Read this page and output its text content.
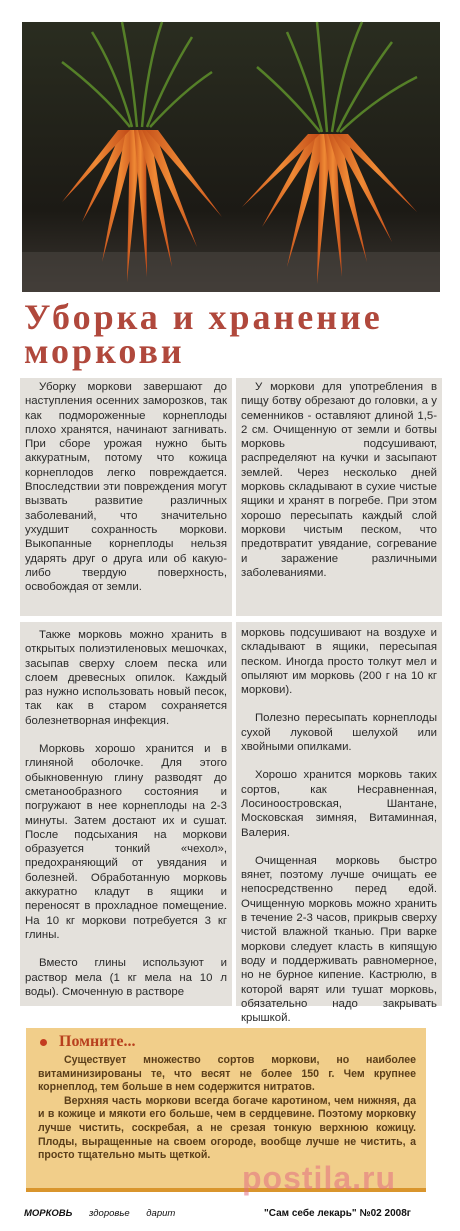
Уборка и хранение моркови

Уборку моркови завершают до наступления осенних заморозков, так как подмороженные корнеплоды плохо хранятся, начинают загнивать. При сборе урожая нужно быть аккуратным, потому что кожица корнеплодов легко повреждается. Впоследствии эти повреждения могут вызвать развитие различных заболеваний, что значительно ухудшит сохранность моркови. Выкопанные корнеплоды нельзя ударять друг о друга или об какую-либо твердую поверхность, освобождая от земли.

У моркови для употребления в пищу ботву обрезают до головки, а у семенников - оставляют длиной 1,5-2 см. Очищенную от земли и ботвы морковь подсушивают, распределяют на кучки и засыпают землей. Через несколько дней морковь складывают в сухие чистые ящики и хранят в погребе. При этом хорошо пересыпать каждый слой моркови чистым песком, что предотвратит увядание, согревание и заражение различными заболеваниями.

Также морковь можно хранить в открытых полиэтиленовых мешочках, засыпав сверху слоем песка или слоем древесных опилок. Каждый раз нужно использовать новый песок, так как в старом сохраняется болезнетворная инфекция.

Морковь хорошо хранится и в глиняной оболочке. Для этого обыкновенную глину разводят до сметанообразного состояния и погружают в нее корнеплоды на 2-3 минуты. Затем достают их и сушат. После подсыхания на моркови образуется тонкий «чехол», предохраняющий от увядания и болезней. Обработанную морковь аккуратно кладут в ящики и переносят в прохладное помещение. На 10 кг моркови потребуется 3 кг глины.

Вместо глины используют и раствор мела (1 кг мела на 10 л воды). Смоченную в растворе

морковь подсушивают на воздухе и складывают в ящики, пересыпая песком. Иногда просто толкут мел и опыляют им морковь (200 г на 10 кг моркови).

Полезно пересыпать корнеплоды сухой луковой шелухой или хвойными опилками.

Хорошо хранится морковь таких сортов, как Несравненная, Лосиноостровская, Шантане, Московская зимняя, Витаминная, Валерия.

Очищенная морковь быстро вянет, поэтому лучше очищать ее непосредственно перед едой. Очищенную морковь можно хранить в течение 2-3 часов, прикрыв сверху чистой влажной тканью. При варке моркови следует класть в кипящую воду и поддерживать равномерное, но не бурное кипение. Кастрюлю, в которой варят или тушат морковь, обязательно надо закрывать крышкой.

Помните...

Существует множество сортов моркови, но наиболее витаминизированы те, что весят не более 150 г. Чем крупнее корнеплод, тем больше в нем содержится нитратов.

Верхняя часть моркови всегда богаче каротином, чем нижняя, да и в кожице и мякоти его больше, чем в сердцевине. Поэтому морковку лучше чистить, соскребая, а не срезая тонкую верхнюю кожицу. Плоды, выращенные на своем огороде, вообще лучше не чистить, а просто тщательно мыть щеткой.

postila.ru
МОРКОВЬ здоровье дарит	"Сам себе лекарь" №02 2008г
